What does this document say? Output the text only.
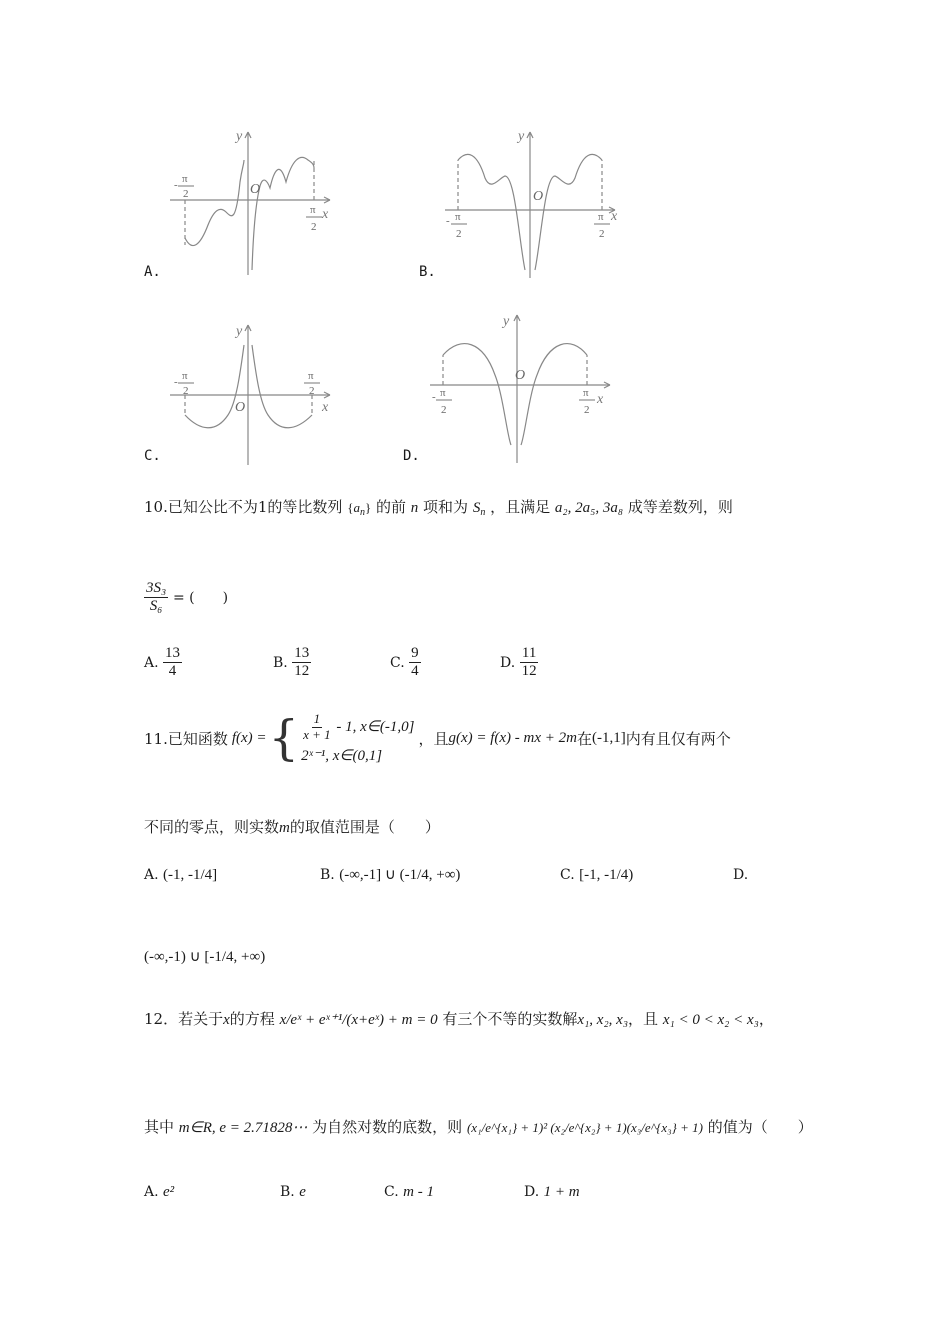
y
x
O
π
2
-
π
2
A.
y
x
O
- π
2
π
2
B.
y
x
O
- π
2
π
2
C.
y
x
O
- π
2
π
2
D.
10.已知公比不为1的等比数列 $\{a_n\}$ 的前 n 项和为 $S_n$ ，且满足 a₂, 2a₅, 3a₈ 成等差数列，则
$\frac{\text{3S₃}}{\text{S₆}}$ = (　　)
A. $\frac{13}{4}$	B. $\frac{13}{12}$	C. $\frac{9}{4}$	D. $\frac{11}{12}$
11.已知函数 f(x) = { $\frac{1}{x + 1} - 1$, x∈(-1,0]
2ˣ⁻¹, x∈(0,1]
，且 g(x) = f(x) - mx + 2m 在 (-1,1] 内有且仅有两个
不同的零点，则实数m的取值范围是（　　）
A. (-1, -1/4]	B. (-∞,-1] ∪ (-1/4, +∞)	C. [-1, -1/4)	D.
(-∞,-1) ∪ [-1/4, +∞)
12．若关于x的方程 x/eˣ + eˣ⁺¹/(x+eˣ) + m = 0 有三个不等的实数解x₁, x₂, x₃，且 x₁ < 0 < x₂ < x₃，
其中 m∈R, e = 2.71828⋯ 为自然对数的底数，则 (x₁/e^{x₁} + 1)² (x₂/e^{x₂} + 1)(x₃/e^{x₃} + 1) 的值为（　　）
A. e²	B. e	C. m - 1	D. 1 + m
